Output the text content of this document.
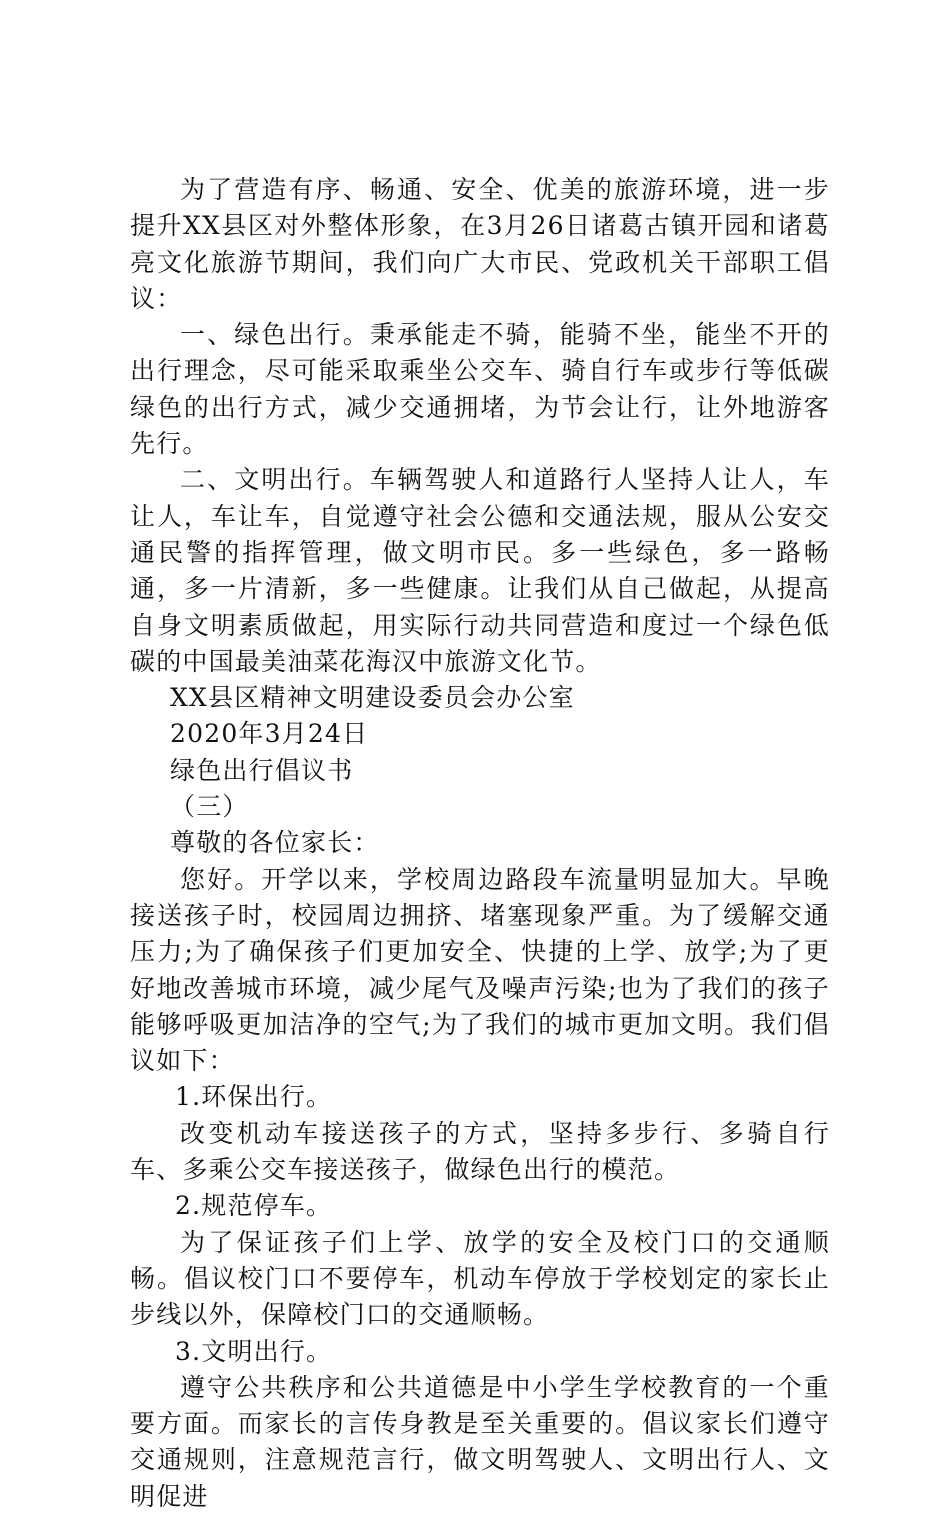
为了营造有序、畅通、安全、优美的旅游环境，进一步提升XX县区对外整体形象，在3月26日诸葛古镇开园和诸葛亮文化旅游节期间，我们向广大市民、党政机关干部职工倡议：

一、绿色出行。秉承能走不骑，能骑不坐，能坐不开的出行理念，尽可能采取乘坐公交车、骑自行车或步行等低碳绿色的出行方式，减少交通拥堵，为节会让行，让外地游客先行。

二、文明出行。车辆驾驶人和道路行人坚持人让人，车让人，车让车，自觉遵守社会公德和交通法规，服从公安交通民警的指挥管理，做文明市民。多一些绿色，多一路畅通，多一片清新，多一些健康。让我们从自己做起，从提高自身文明素质做起，用实际行动共同营造和度过一个绿色低碳的中国最美油菜花海汉中旅游文化节。

XX县区精神文明建设委员会办公室

2020年3月24日

绿色出行倡议书

（三）

尊敬的各位家长：

您好。开学以来，学校周边路段车流量明显加大。早晚接送孩子时，校园周边拥挤、堵塞现象严重。为了缓解交通压力;为了确保孩子们更加安全、快捷的上学、放学;为了更好地改善城市环境，减少尾气及噪声污染;也为了我们的孩子能够呼吸更加洁净的空气;为了我们的城市更加文明。我们倡议如下：

1.环保出行。

改变机动车接送孩子的方式，坚持多步行、多骑自行车、多乘公交车接送孩子，做绿色出行的模范。

2.规范停车。

为了保证孩子们上学、放学的安全及校门口的交通顺畅。倡议校门口不要停车，机动车停放于学校划定的家长止步线以外，保障校门口的交通顺畅。

3.文明出行。

遵守公共秩序和公共道德是中小学生学校教育的一个重要方面。而家长的言传身教是至关重要的。倡议家长们遵守交通规则，注意规范言行，做文明驾驶人、文明出行人、文明促进
